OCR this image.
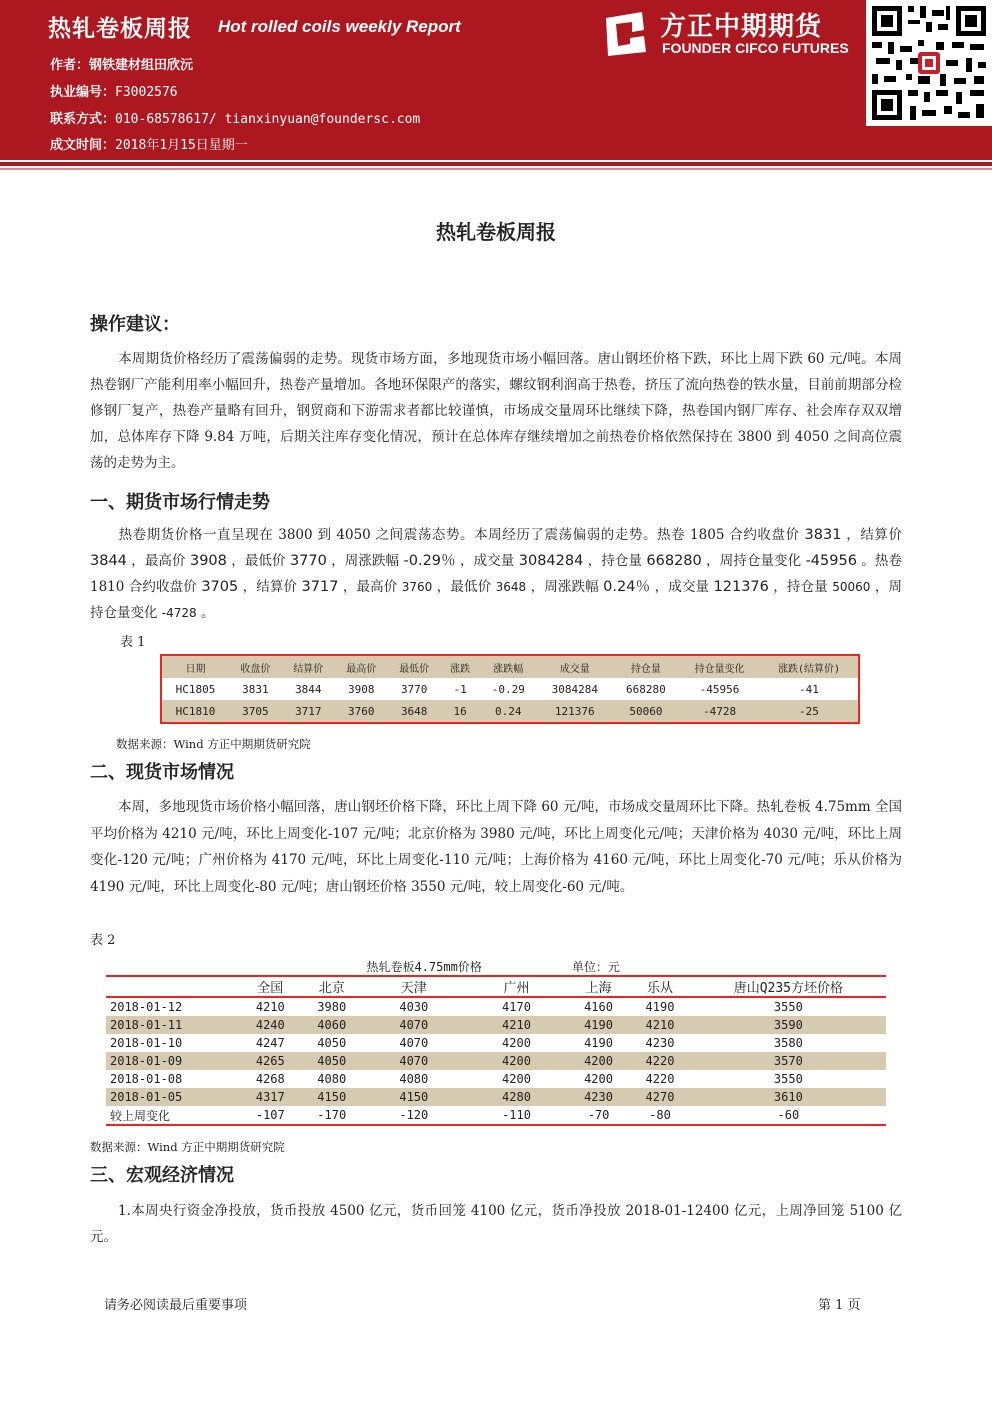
热轧卷板周报 Hot rolled coils weekly Report
作者：钢铁建材组田欣沅
执业编号：F3002576
联系方式：010-68578617/ tianxinyuan@foundersc.com
成文时间：2018年1月15日星期一
方正中期期货
FOUNDER CIFCO FUTURES
热轧卷板周报
操作建议：
本周期货价格经历了震荡偏弱的走势。现货市场方面，多地现货市场小幅回落。唐山钢坯价格下跌，环比上周下跌 60 元/吨。本周热卷钢厂产能利用率小幅回升，热卷产量增加。各地环保限产的落实，螺纹钢利润高于热卷，挤压了流向热卷的铁水量，目前前期部分检修钢厂复产，热卷产量略有回升，钢贸商和下游需求者都比较谨慎，市场成交量周环比继续下降，热卷国内钢厂库存、社会库存双双增加，总体库存下降 9.84 万吨，后期关注库存变化情况，预计在总体库存继续增加之前热卷价格依然保持在 3800 到 4050 之间高位震荡的走势为主。
一、期货市场行情走势
热卷期货价格一直呈现在 3800 到 4050 之间震荡态势。本周经历了震荡偏弱的走势。热卷 1805 合约收盘价 3831 ，结算价 3844 ，最高价 3908 ，最低价 3770 ，周涨跌幅 -0.29％ ，成交量 3084284 ，持仓量 668280 ，周持仓量变化 -45956 。热卷 1810 合约收盘价 3705 ，结算价 3717 ，最高价 3760 ，最低价 3648 ，周涨跌幅 0.24％ ，成交量 121376 ，持仓量 50060 ，周持仓量变化 -4728 。
表 1
日期	收盘价	结算价	最高价	最低价	涨跌	涨跌幅	成交量	持仓量	持仓量变化	涨跌(结算价)
HC1805	3831	3844	3908	3770	-1	-0.29	3084284	668280	-45956	-41
HC1810	3705	3717	3760	3648	16	0.24	121376	50060	-4728	-25
数据来源：Wind 方正中期期货研究院
二、现货市场情况
本周，多地现货市场价格小幅回落，唐山钢坯价格下降，环比上周下降 60 元/吨，市场成交量周环比下降。热轧卷板 4.75mm 全国平均价格为 4210 元/吨，环比上周变化-107 元/吨；北京价格为 3980 元/吨，环比上周变化元/吨；天津价格为 4030 元/吨，环比上周变化-120 元/吨；广州价格为 4170 元/吨，环比上周变化-110 元/吨；上海价格为 4160 元/吨，环比上周变化-70 元/吨；乐从价格为 4190 元/吨，环比上周变化-80 元/吨；唐山钢坯价格 3550 元/吨，较上周变化-60 元/吨。
表 2
			热轧卷板4.75mm价格		单位：元		
	全国	北京	天津	广州	上海	乐从	唐山Q235方坯价格
2018-01-12	4210	3980	4030	4170	4160	4190	3550
2018-01-11	4240	4060	4070	4210	4190	4210	3590
2018-01-10	4247	4050	4070	4200	4190	4230	3580
2018-01-09	4265	4050	4070	4200	4200	4220	3570
2018-01-08	4268	4080	4080	4200	4200	4220	3550
2018-01-05	4317	4150	4150	4280	4230	4270	3610
较上周变化	-107	-170	-120	-110	-70	-80	-60
数据来源：Wind 方正中期期货研究院
三、宏观经济情况
1.本周央行资金净投放，货币投放 4500 亿元，货币回笼 4100 亿元，货币净投放 2018-01-12400 亿元，上周净回笼 5100 亿元。
请务必阅读最后重要事项	第 1 页
